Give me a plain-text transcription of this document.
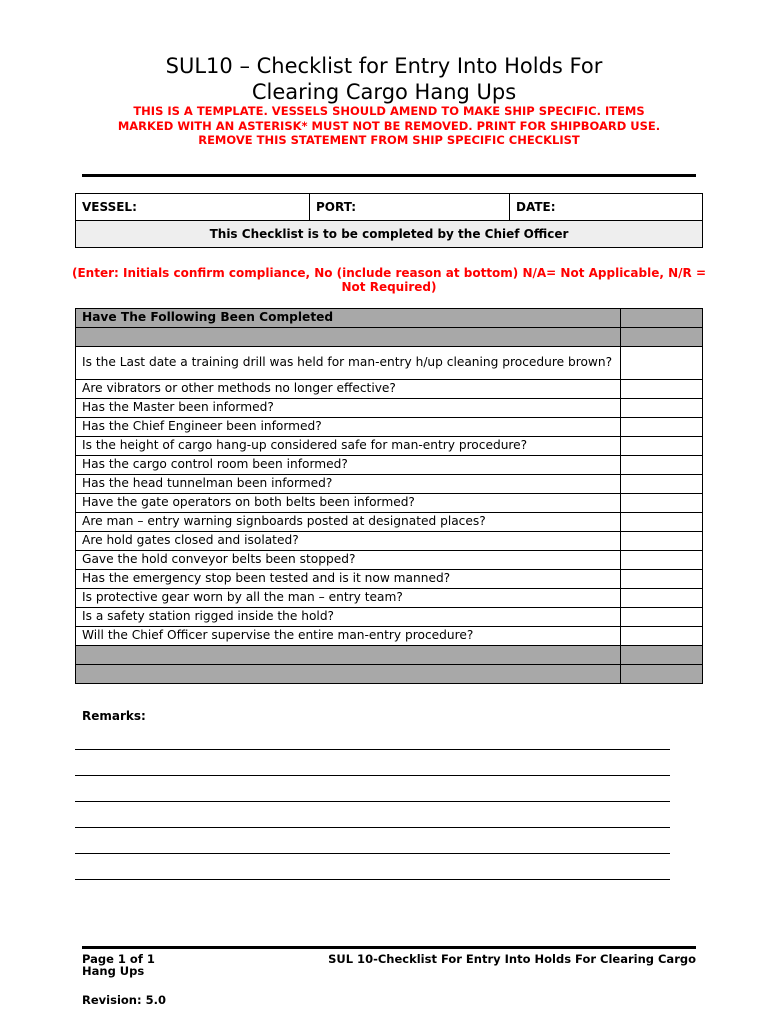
SUL10 – Checklist for Entry Into Holds For
Clearing Cargo Hang Ups
THIS IS A TEMPLATE. VESSELS SHOULD AMEND TO MAKE SHIP SPECIFIC. ITEMS
MARKED WITH AN ASTERISK* MUST NOT BE REMOVED. PRINT FOR SHIPBOARD USE.
REMOVE THIS STATEMENT FROM SHIP SPECIFIC CHECKLIST
VESSEL:	PORT:	DATE:
This Checklist is to be completed by the Chief Officer
(Enter: Initials confirm compliance, No (include reason at bottom) N/A= Not Applicable, N/R =
Not Required)
Have The Following Been Completed	

Is the Last date a training drill was held for man-entry h/up cleaning procedure brown?	
Are vibrators or other methods no longer effective?	
Has the Master been informed?	
Has the Chief Engineer been informed?	
Is the height of cargo hang-up considered safe for man-entry procedure?	
Has the cargo control room been informed?	
Has the head tunnelman been informed?	
Have the gate operators on both belts been informed?	
Are man – entry warning signboards posted at designated places?	
Are hold gates closed and isolated?	
Gave the hold conveyor belts been stopped?	
Has the emergency stop been tested and is it now manned?	
Is protective gear worn by all the man – entry team?	
Is a safety station rigged inside the hold?	
Will the Chief Officer supervise the entire man-entry procedure?	

Remarks:
Page 1 of 1	SUL 10-Checklist For Entry Into Holds For Clearing Cargo
Hang Ups
Revision: 5.0
